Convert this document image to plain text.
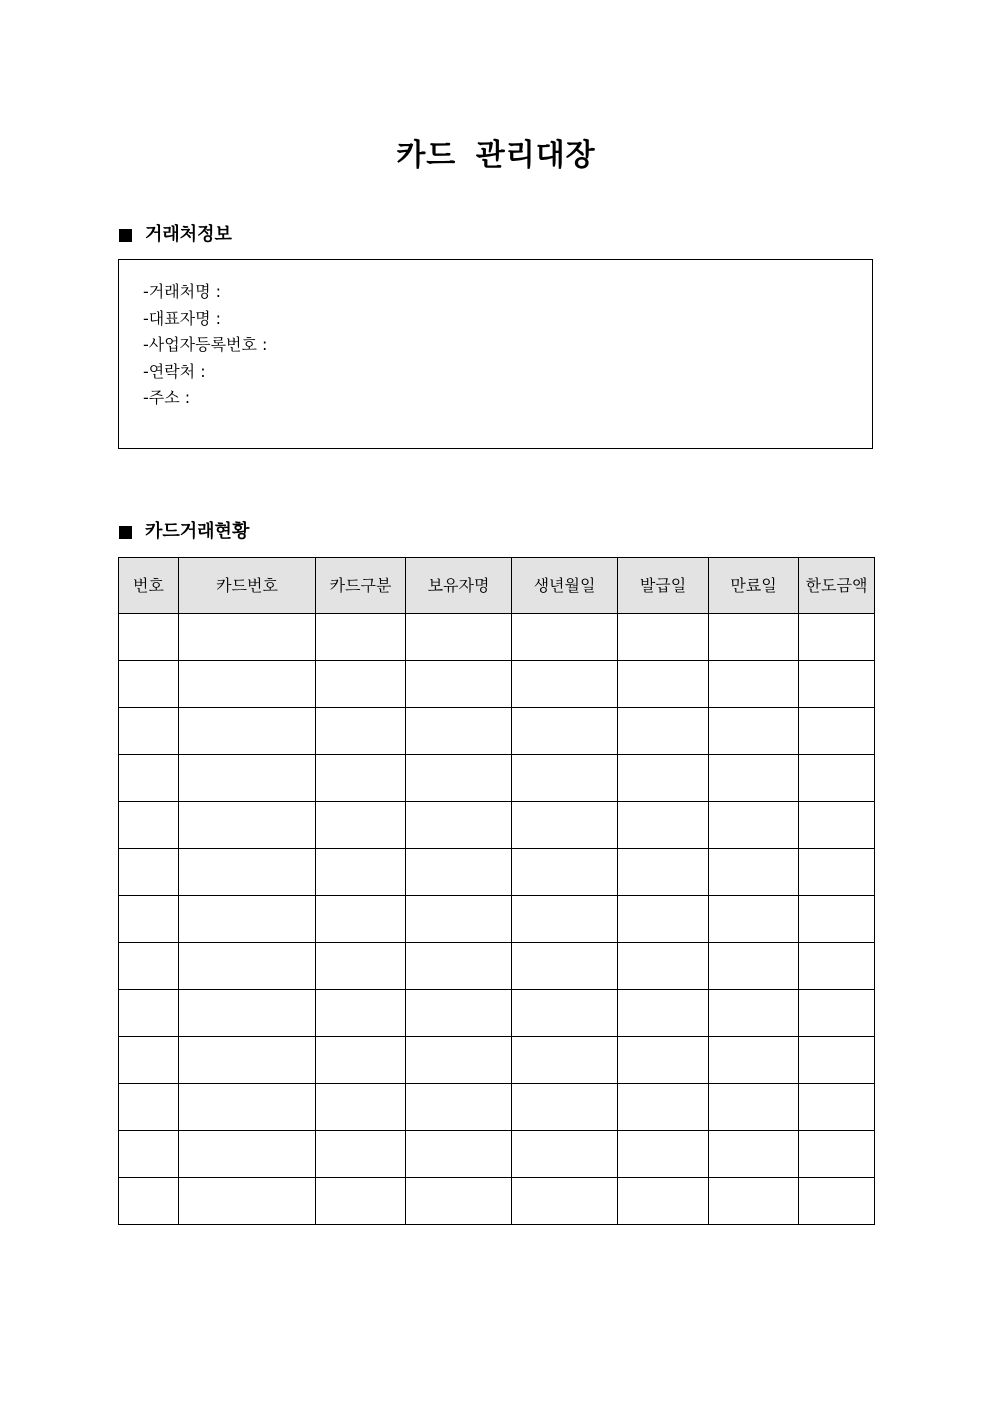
카드 관리대장
거래처정보
-거래처명 :
-대표자명 :
-사업자등록번호 :
-연락처 :
-주소 :
카드거래현황
번호	카드번호	카드구분	보유자명	생년월일	발급일	만료일	한도금액
